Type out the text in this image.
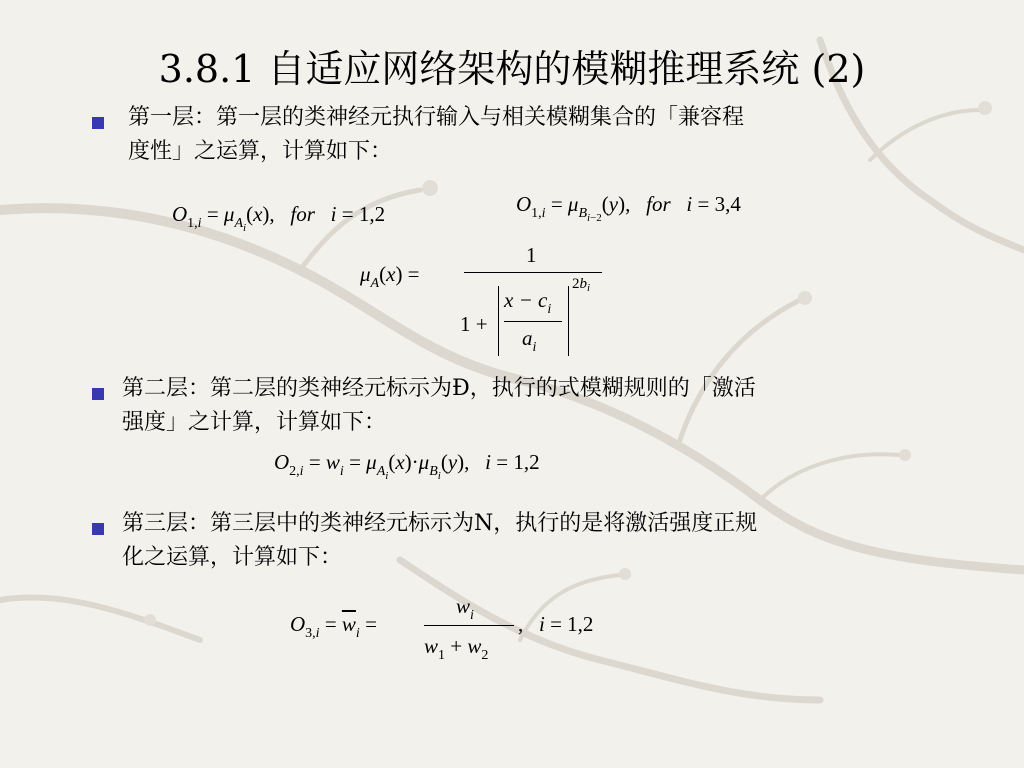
3.8.1 自适应网络架构的模糊推理系统 (2)
第一层：第一层的类神经元执行输入与相关模糊集合的「兼容程
度性」之运算，计算如下：
$O_{1,i} = \mu_{A_i}(x)$,   for i = 1,2	$O_{1,i} = \mu_{B_{i-2}}(y)$,   for i = 3,4
$\mu_A(x)$ =
1
1 +
$x - c_i$
$a_i$
$2b_i$
第二层：第二层的类神经元标示为Đ，执行的式模糊规则的「激活
强度」之计算，计算如下：
$O_{2,i} = w_i = \mu_{A_i}(x)\cdot\mu_{B_i}(y)$,   i = 1,2
第三层：第三层中的类神经元标示为N，执行的是将激活强度正规
化之运算，计算如下：
$O_{3,i} = \overline{w}_i$ =
$w_i$
$w_1 + w_2$
,   i = 1,2
